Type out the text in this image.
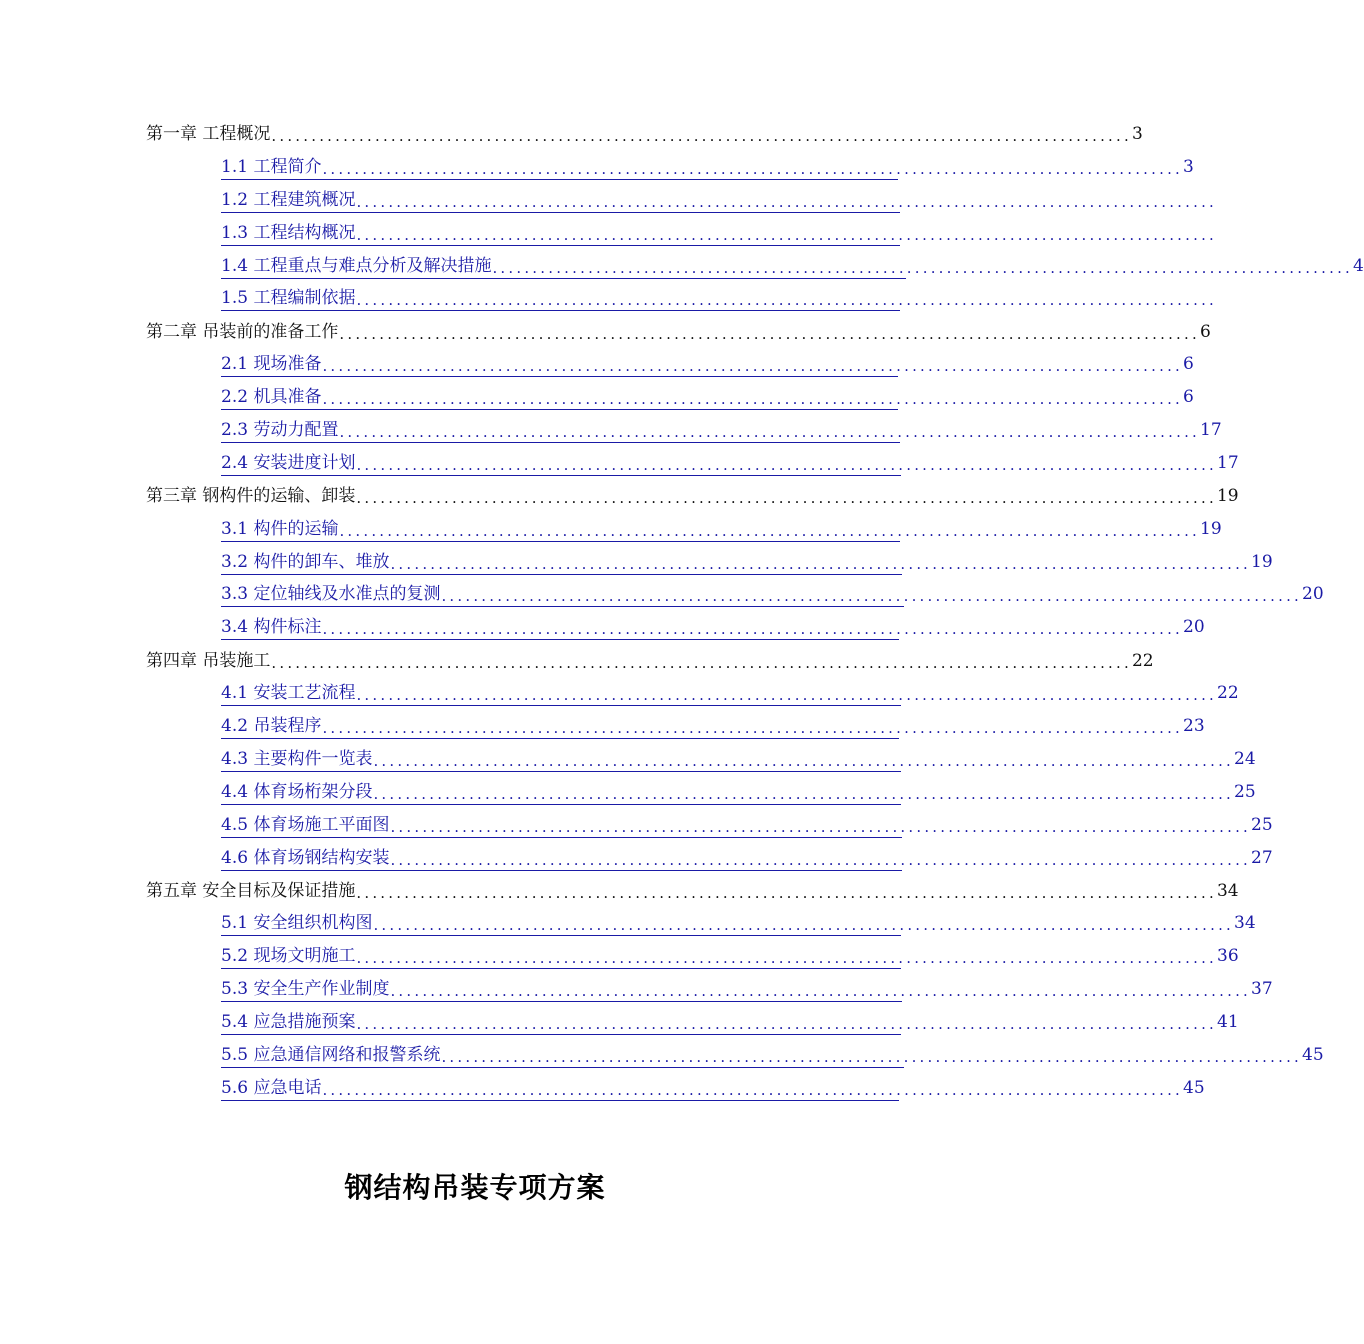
第一章 工程概况 ............................................................................................................ 3
1.1 工程简介 ............................................................................................................ 3
1.2 工程建筑概况 ............................................................................................................
1.3 工程结构概况 ............................................................................................................
1.4 工程重点与难点分析及解决措施 ............................................................................................................ 4
1.5 工程编制依据 ............................................................................................................
第二章 吊装前的准备工作 ............................................................................................................ 6
2.1 现场准备 ............................................................................................................ 6
2.2 机具准备 ............................................................................................................ 6
2.3 劳动力配置 ............................................................................................................ 17
2.4 安装进度计划 ............................................................................................................ 17
第三章 钢构件的运输、卸装 ............................................................................................................ 19
3.1 构件的运输 ............................................................................................................ 19
3.2 构件的卸车、堆放 ............................................................................................................ 19
3.3 定位轴线及水准点的复测 ............................................................................................................ 20
3.4 构件标注 ............................................................................................................ 20
第四章 吊装施工 ............................................................................................................ 22
4.1 安装工艺流程 ............................................................................................................ 22
4.2 吊装程序 ............................................................................................................ 23
4.3 主要构件一览表 ............................................................................................................ 24
4.4 体育场桁架分段 ............................................................................................................ 25
4.5 体育场施工平面图 ............................................................................................................ 25
4.6 体育场钢结构安装 ............................................................................................................ 27
第五章 安全目标及保证措施 ............................................................................................................ 34
5.1 安全组织机构图 ............................................................................................................ 34
5.2 现场文明施工 ............................................................................................................ 36
5.3 安全生产作业制度 ............................................................................................................ 37
5.4 应急措施预案 ............................................................................................................ 41
5.5 应急通信网络和报警系统 ............................................................................................................ 45
5.6 应急电话 ............................................................................................................ 45
钢结构吊装专项方案
